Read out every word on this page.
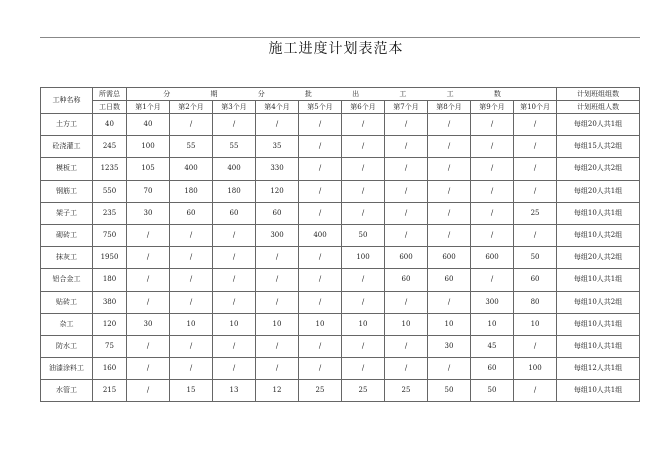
施工进度计划表范本
工种名称	所需总	分 期 分 批 出 工 工 数										计划班组组数
	工日数	第1个月	第2个月	第3个月	第4个月	第5个月	第6个月	第7个月	第8个月	第9个月	第10个月	计划班组人数
土方工	40	40	/	/	/	/	/	/	/	/	/	每组20人共1组
砼浇灌工	245	100	55	55	35	/	/	/	/	/	/	每组15人共2组
模板工	1235	105	400	400	330	/	/	/	/	/	/	每组20人共2组
钢筋工	550	70	180	180	120	/	/	/	/	/	/	每组20人共1组
架子工	235	30	60	60	60	/	/	/	/	/	25	每组10人共1组
砌砖工	750	/	/	/	300	400	50	/	/	/	/	每组10人共2组
抹灰工	1950	/	/	/	/	/	100	600	600	600	50	每组20人共2组
铝合金工	180	/	/	/	/	/	/	60	60	/	60	每组10人共1组
贴砖工	380	/	/	/	/	/	/	/	/	300	80	每组10人共2组
杂工	120	30	10	10	10	10	10	10	10	10	10	每组10人共1组
防水工	75	/	/	/	/	/	/	/	30	45	/	每组10人共1组
油漆涂料工	160	/	/	/	/	/	/	/	/	60	100	每组12人共1组
水管工	215	/	15	13	12	25	25	25	50	50	/	每组10人共1组
